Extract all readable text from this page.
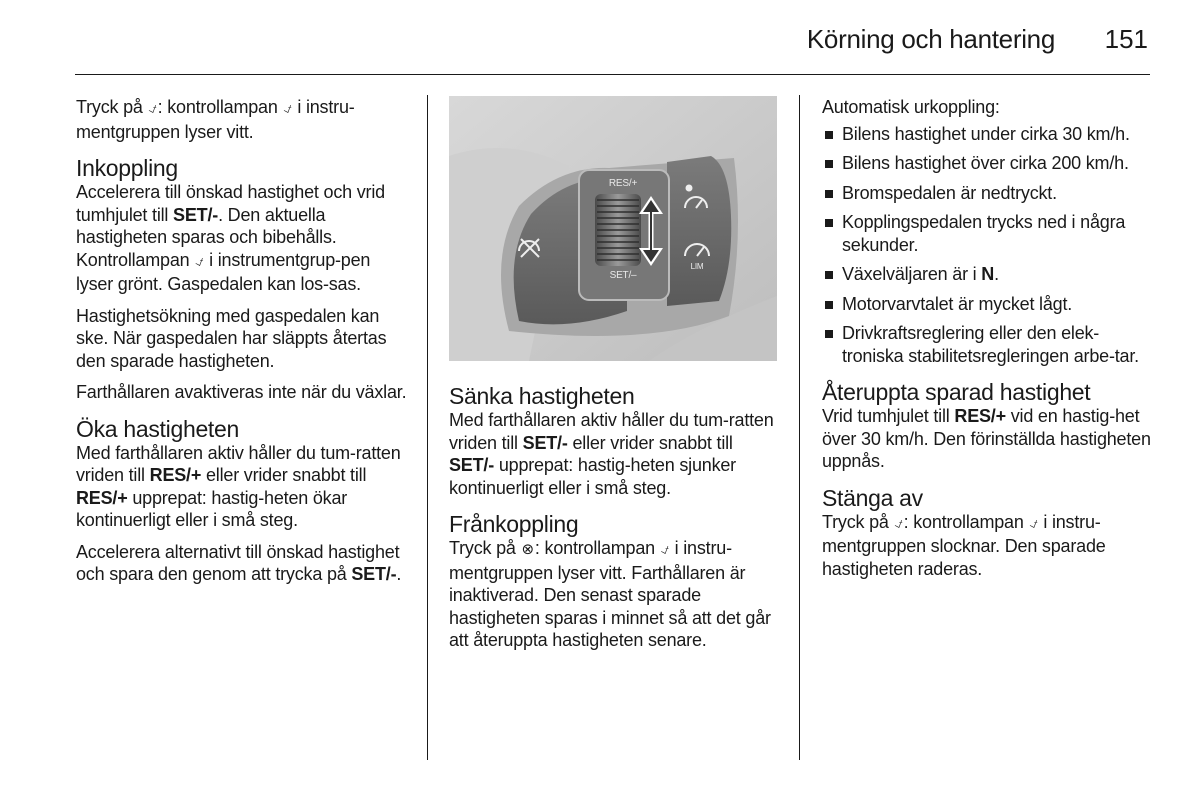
Körning och hantering 151

Tryck på ⍻: kontrollampan ⍻ i instru-
mentgruppen lyser vitt.

Inkoppling

Accelerera till önskad hastighet och vrid tumhjulet till SET/-. Den aktuella hastigheten sparas och bibehålls. Kontrollampan ⍻ i instrumentgrup-pen lyser grönt. Gaspedalen kan los-sas.

Hastighetsökning med gaspedalen kan ske. När gaspedalen har släppts återtas den sparade hastigheten.

Farthållaren avaktiveras inte när du växlar.

Öka hastigheten

Med farthållaren aktiv håller du tum-ratten vriden till RES/+ eller vrider snabbt till RES/+ upprepat: hastig-heten ökar kontinuerligt eller i små steg.

Accelerera alternativt till önskad hastighet och spara den genom att trycka på SET/-.

RES/+
SET/–
LIM
Sänka hastigheten

Med farthållaren aktiv håller du tum-ratten vriden till SET/- eller vrider snabbt till SET/- upprepat: hastig-heten sjunker kontinuerligt eller i små steg.

Frånkoppling

Tryck på ⊗: kontrollampan ⍻ i instru-mentgruppen lyser vitt. Farthållaren är inaktiverad. Den senast sparade hastigheten sparas i minnet så att det går att återuppta hastigheten senare.

Automatisk urkoppling:

Bilens hastighet under cirka 30 km/h.
Bilens hastighet över cirka 200 km/h.
Bromspedalen är nedtryckt.
Kopplingspedalen trycks ned i några sekunder.
Växelväljaren är i N.
Motorvarvtalet är mycket lågt.
Drivkraftsreglering eller den elek-troniska stabilitetsregleringen arbe-tar.
Återuppta sparad hastighet

Vrid tumhjulet till RES/+ vid en hastig-het över 30 km/h. Den förinställda hastigheten uppnås.

Stänga av

Tryck på ⍻: kontrollampan ⍻ i instru-mentgruppen slocknar. Den sparade hastigheten raderas.
